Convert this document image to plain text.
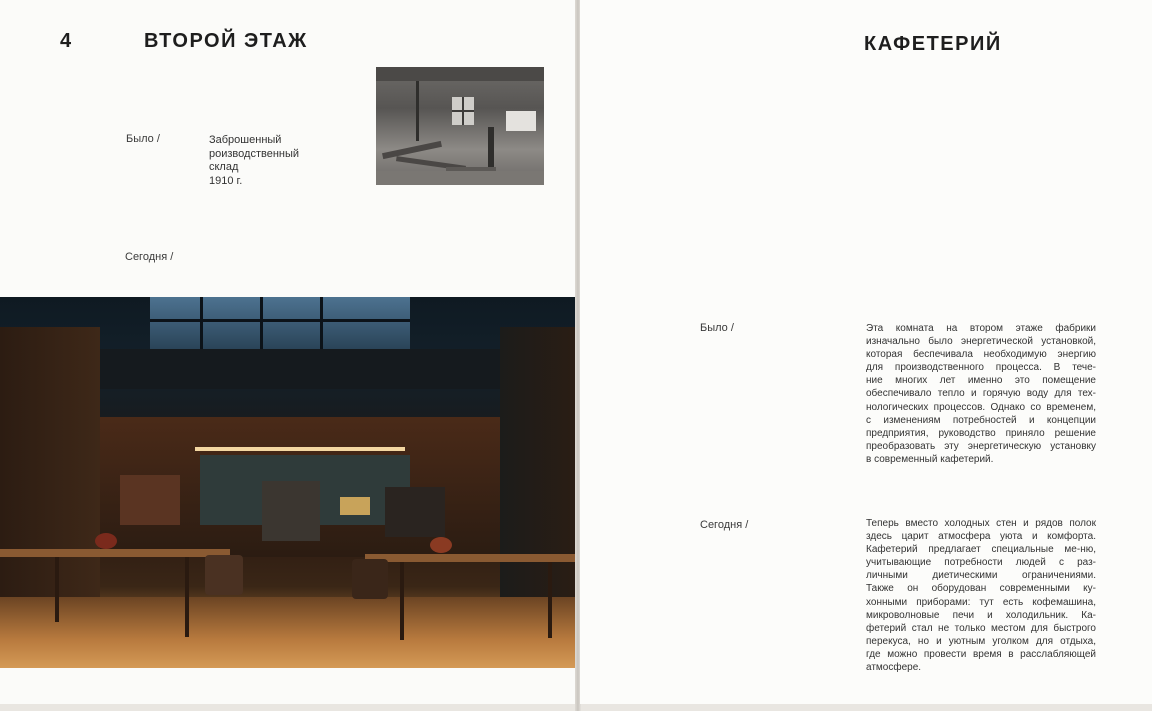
4	ВТОРОЙ ЭТАЖ
Было /	Заброшенный
роизводственный
склад
1910 г.
Сегодня /
КАФЕТЕРИЙ
Было /	Эта комната на втором этаже фабрики
изначально было энергетической установкой,
которая беспечивала необходимую энергию
для производственного процесса. В тече-
ние многих лет именно это помещение
обеспечивало тепло и горячую воду для тех-
нологических процессов. Однако со временем,
с изменениям потребностей и концепции
предприятия, руководство приняло решение
преобразовать эту энергетическую установку
в современный кафетерий.
Сегодня /	Теперь вместо холодных стен и рядов полок
здесь царит атмосфера уюта и комфорта.
Кафетерий предлагает специальные ме-ню,
учитывающие потребности людей с раз-
личными диетическими ограничениями.
Также он оборудован современными ку-
хонными приборами: тут есть кофемашина,
микроволновые печи и холодильник. Ка-
фетерий стал не только местом для быстрого
перекуса, но и уютным уголком для отдыха,
где можно провести время в расслабляющей
атмосфере.
